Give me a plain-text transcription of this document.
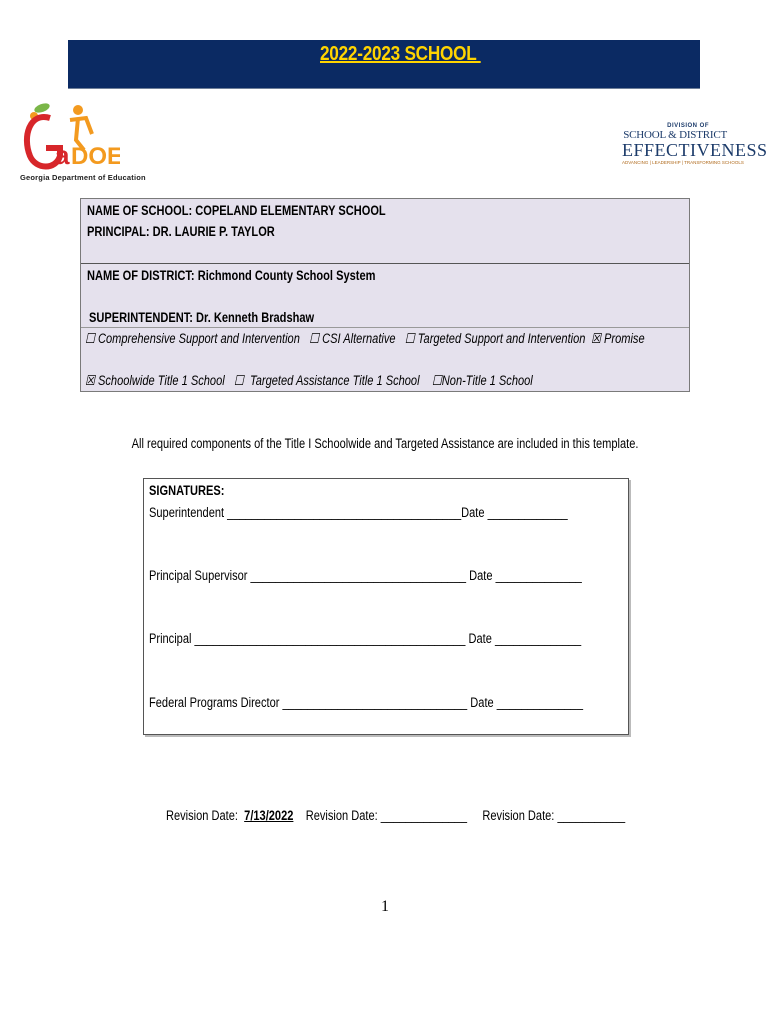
2022-2023 SCHOOL
a DOE
Georgia Department of Education
DIVISION OF
SCHOOL & DISTRICT
EFFECTIVENESS
ADVANCING | LEADERSHIP | TRANSFORMING SCHOOLS
NAME OF SCHOOL: COPELAND ELEMENTARY SCHOOL
PRINCIPAL: DR. LAURIE P. TAYLOR
NAME OF DISTRICT: Richmond County School System
SUPERINTENDENT: Dr. Kenneth Bradshaw
☐ Comprehensive Support and Intervention ☐ CSI Alternative ☐ Targeted Support and Intervention ☒ Promise
☒ Schoolwide Title 1 School ☐ Targeted Assistance Title 1 School ☐Non-Title 1 School
All required components of the Title I Schoolwide and Targeted Assistance are included in this template.
SIGNATURES:
Superintendent ______________________________________Date _____________
Principal Supervisor ___________________________________ Date ______________
Principal ____________________________________________ Date ______________
Federal Programs Director ______________________________ Date ______________
Revision Date: 7/13/2022 Revision Date: ______________ Revision Date: ___________
1
